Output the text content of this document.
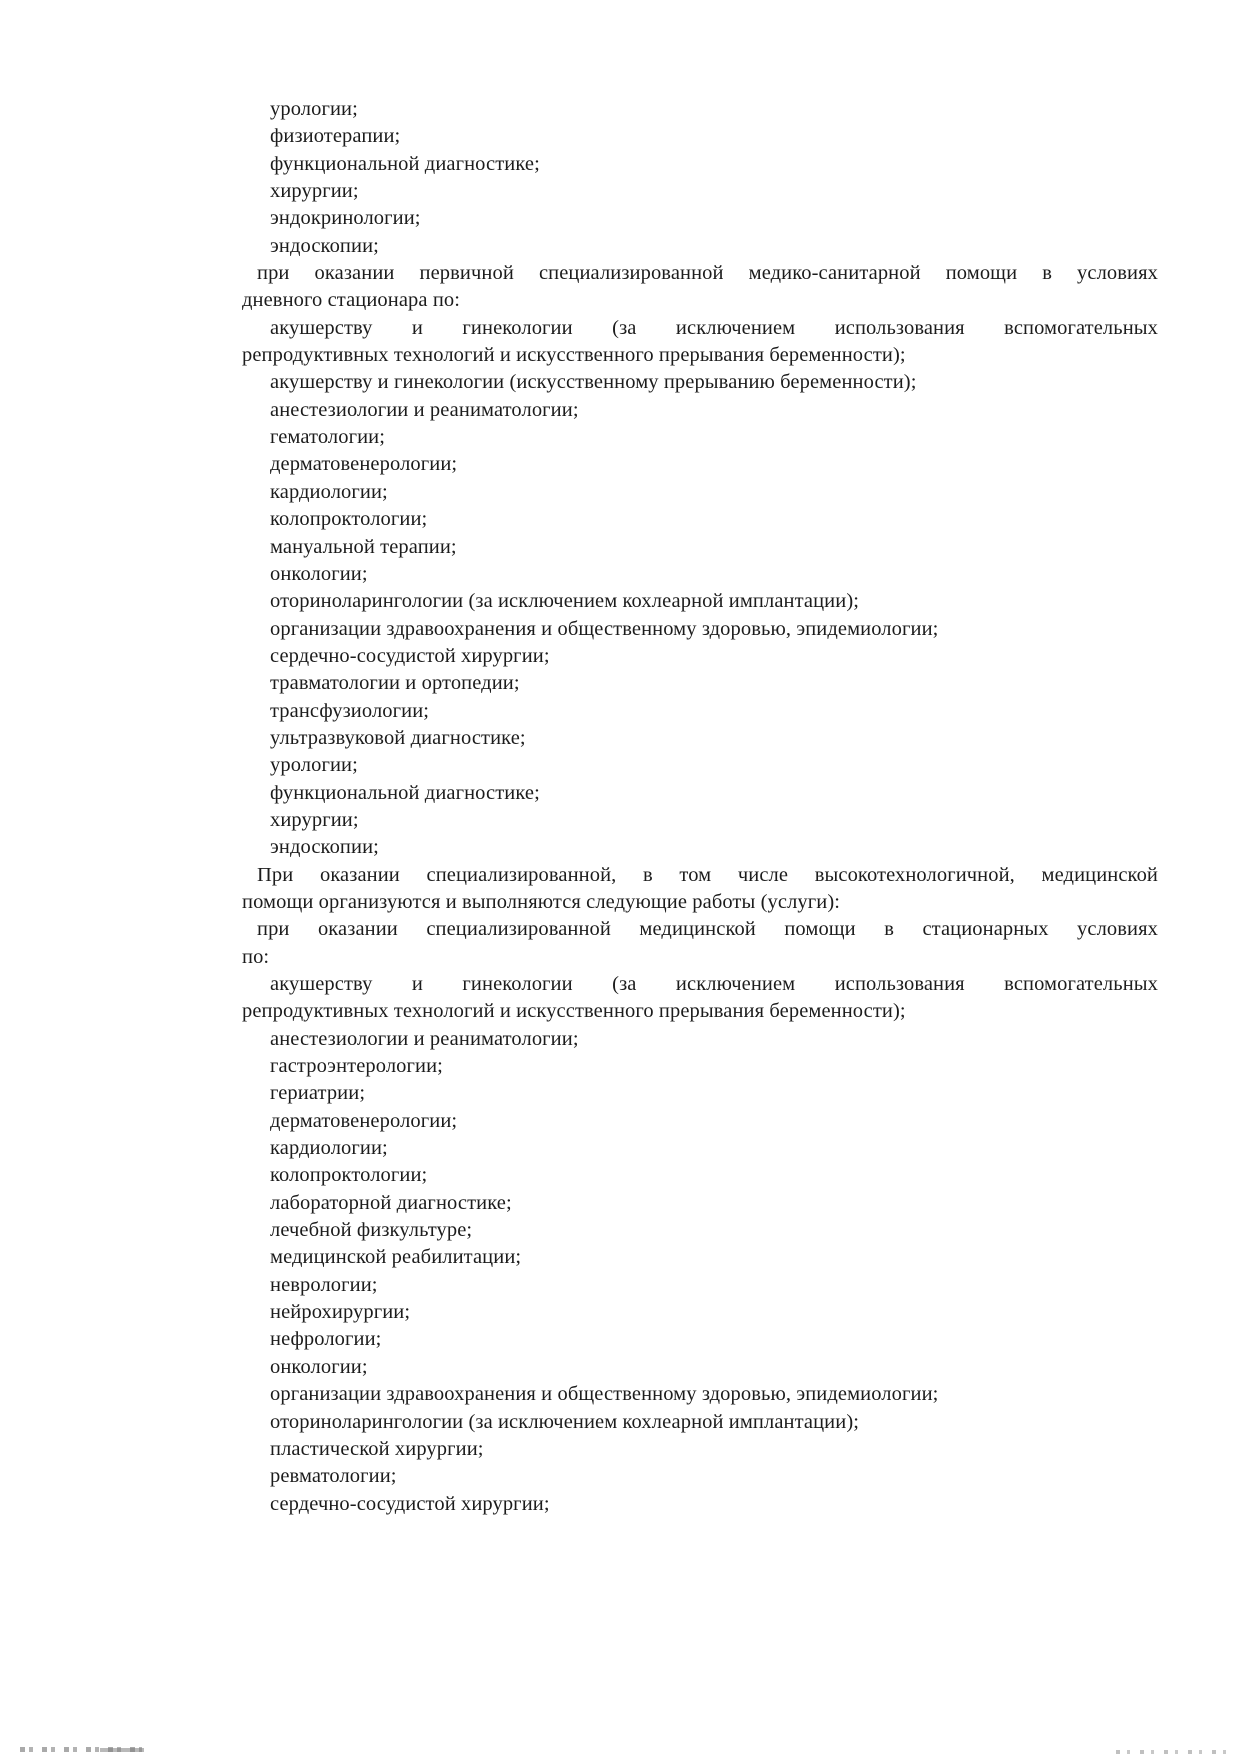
урологии;
физиотерапии;
функциональной диагностике;
хирургии;
эндокринологии;
эндоскопии;
при оказании первичной специализированной медико-санитарной помощи в условиях
дневного стационара по:
акушерству и гинекологии (за исключением использования вспомогательных
репродуктивных технологий и искусственного прерывания беременности);
акушерству и гинекологии (искусственному прерыванию беременности);
анестезиологии и реаниматологии;
гематологии;
дерматовенерологии;
кардиологии;
колопроктологии;
мануальной терапии;
онкологии;
оториноларингологии (за исключением кохлеарной имплантации);
организации здравоохранения и общественному здоровью, эпидемиологии;
сердечно-сосудистой хирургии;
травматологии и ортопедии;
трансфузиологии;
ультразвуковой диагностике;
урологии;
функциональной диагностике;
хирургии;
эндоскопии;
При оказании специализированной, в том числе высокотехнологичной, медицинской
помощи организуются и выполняются следующие работы (услуги):
при оказании специализированной медицинской помощи в стационарных условиях
по:
акушерству и гинекологии (за исключением использования вспомогательных
репродуктивных технологий и искусственного прерывания беременности);
анестезиологии и реаниматологии;
гастроэнтерологии;
гериатрии;
дерматовенерологии;
кардиологии;
колопроктологии;
лабораторной диагностике;
лечебной физкультуре;
медицинской реабилитации;
неврологии;
нейрохирургии;
нефрологии;
онкологии;
организации здравоохранения и общественному здоровью, эпидемиологии;
оториноларингологии (за исключением кохлеарной имплантации);
пластической хирургии;
ревматологии;
сердечно-сосудистой хирургии;
